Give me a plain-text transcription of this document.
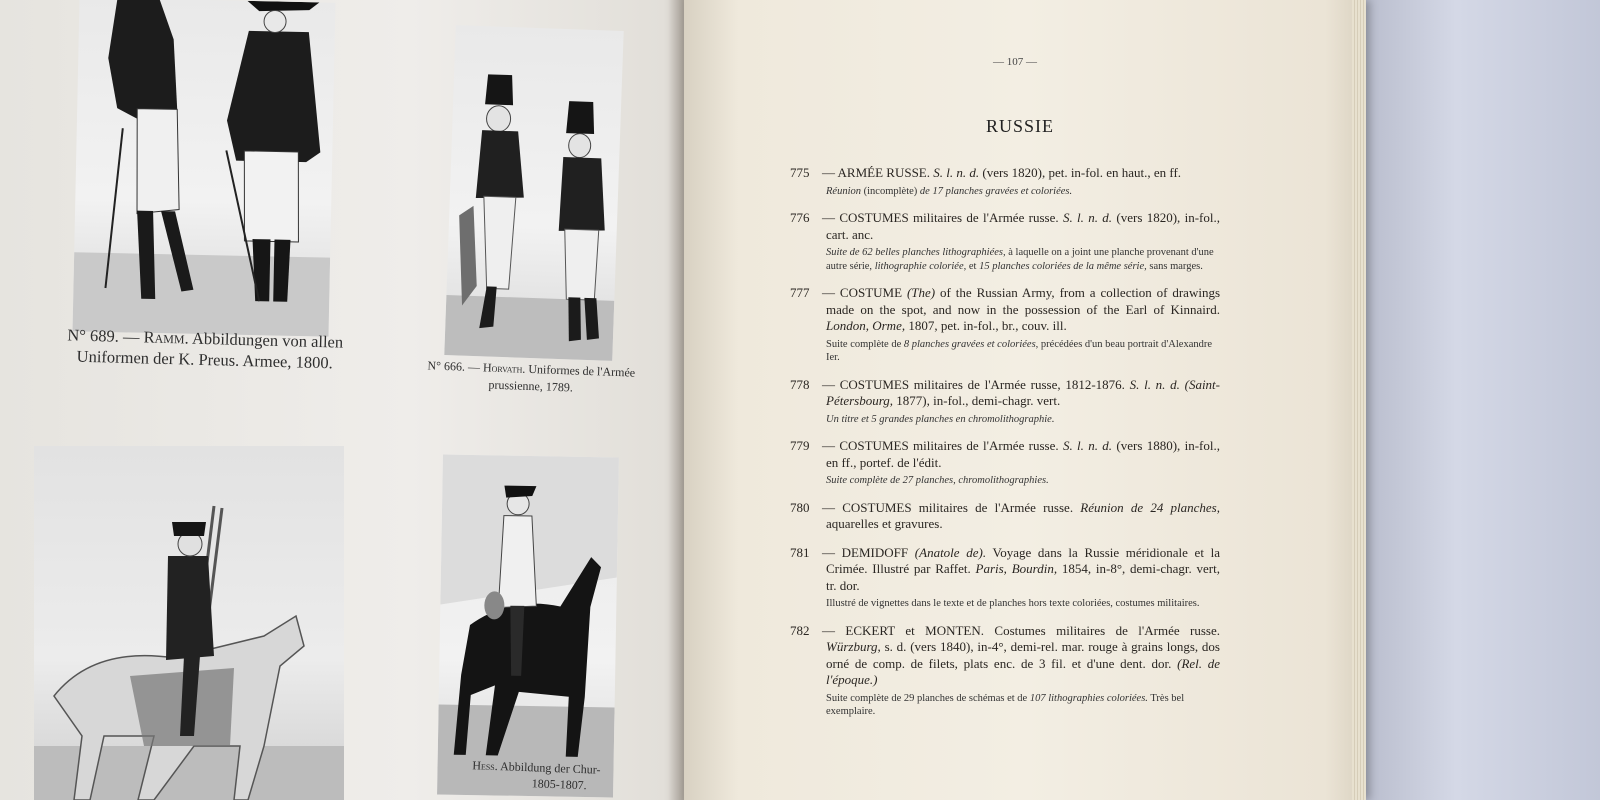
N° 689. — Ramm. Abbildungen von allen Uniformen der K. Preus. Armee, 1800.	N° 666. — Horvath. Uniformes de l'Armée prussienne, 1789.
Hess. Abbildung der Chur-
1805-1807.
— 107 —
RUSSIE
775 — ARMÉE RUSSE. S. l. n. d. (vers 1820), pet. in-fol. en haut., en ff.
Réunion (incomplète) de 17 planches gravées et coloriées.
776 — COSTUMES militaires de l'Armée russe. S. l. n. d. (vers 1820), in-fol., cart. anc.
Suite de 62 belles planches lithographiées, à laquelle on a joint une planche provenant d'une autre série, lithographie coloriée, et 15 planches coloriées de la même série, sans marges.
777 — COSTUME (The) of the Russian Army, from a collection of drawings made on the spot, and now in the possession of the Earl of Kinnaird. London, Orme, 1807, pet. in-fol., br., couv. ill.
Suite complète de 8 planches gravées et coloriées, précédées d'un beau portrait d'Alexandre Ier.
778 — COSTUMES militaires de l'Armée russe, 1812-1876. S. l. n. d. (Saint-Pétersbourg, 1877), in-fol., demi-chagr. vert.
Un titre et 5 grandes planches en chromolithographie.
779 — COSTUMES militaires de l'Armée russe. S. l. n. d. (vers 1880), in-fol., en ff., portef. de l'édit.
Suite complète de 27 planches, chromolithographies.
780 — COSTUMES militaires de l'Armée russe. Réunion de 24 planches, aquarelles et gravures.
781 — DEMIDOFF (Anatole de). Voyage dans la Russie méridionale et la Crimée. Illustré par Raffet. Paris, Bourdin, 1854, in-8°, demi-chagr. vert, tr. dor.
Illustré de vignettes dans le texte et de planches hors texte coloriées, costumes militaires.
782 — ECKERT et MONTEN. Costumes militaires de l'Armée russe. Würzburg, s. d. (vers 1840), in-4°, demi-rel. mar. rouge à grains longs, dos orné de comp. de filets, plats enc. de 3 fil. et d'une dent. dor. (Rel. de l'époque.)
Suite complète de 29 planches de schémas et de 107 lithographies coloriées. Très bel exemplaire.
